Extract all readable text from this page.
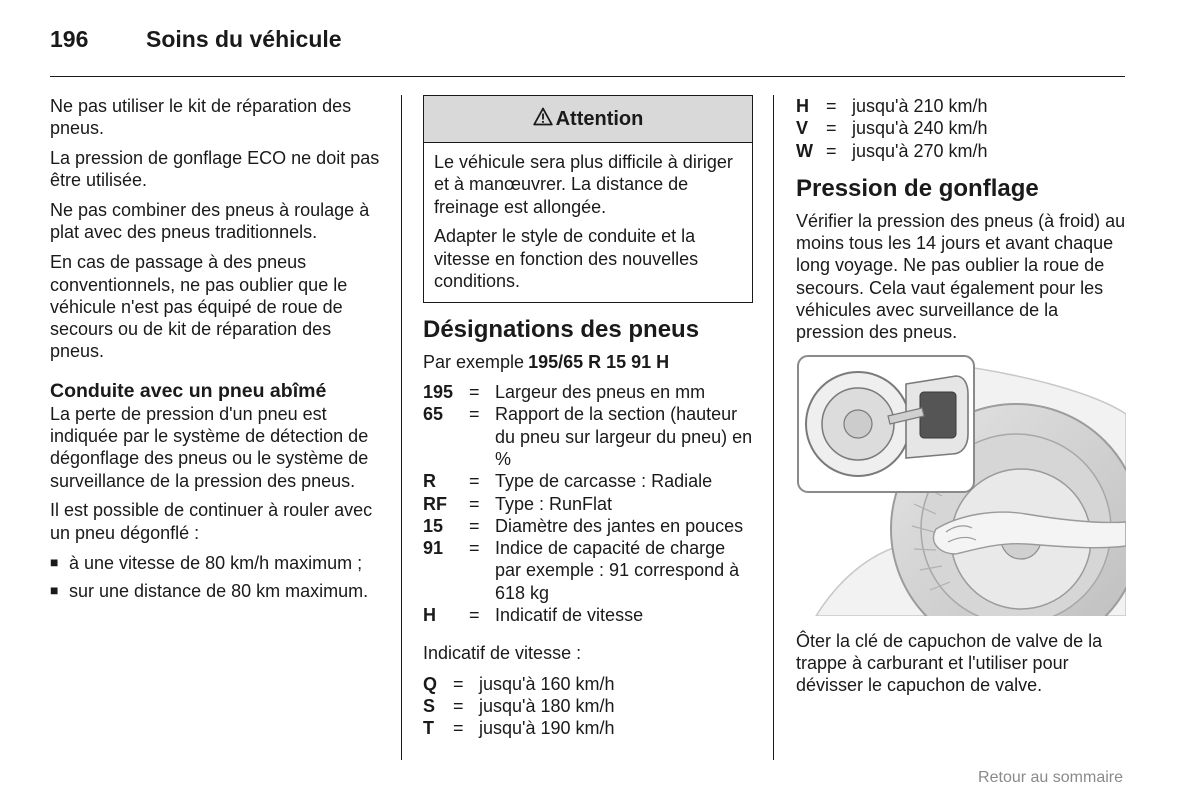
196	Soins du véhicule

Ne pas utiliser le kit de réparation des pneus.

La pression de gonflage ECO ne doit pas être utilisée.

Ne pas combiner des pneus à roulage à plat avec des pneus traditionnels.

En cas de passage à des pneus conventionnels, ne pas oublier que le véhicule n'est pas équipé de roue de secours ou de kit de réparation des pneus.

Conduite avec un pneu abîmé

La perte de pression d'un pneu est indiquée par le système de détection de dégonflage des pneus ou le système de surveillance de la pression des pneus.

Il est possible de continuer à rouler avec un pneu dégonflé :

■ à une vitesse de 80 km/h maximum ;
■ sur une distance de 80 km maximum.
Attention

Le véhicule sera plus difficile à diriger et à manœuvrer. La distance de freinage est allongée.

Adapter le style de conduite et la vitesse en fonction des nouvelles conditions.

Désignations des pneus
Par exemple 195/65 R 15 91 H
195 = Largeur des pneus en mm
65	= Rapport de la section (hauteur du pneu sur largeur du pneu) en %
R	= Type de carcasse : Radiale
RF	= Type : RunFlat
15	= Diamètre des jantes en pouces
91	= Indice de capacité de charge par exemple : 91 correspond à 618 kg
H	= Indicatif de vitesse

Indicatif de vitesse :

Q = jusqu'à 160 km/h
S = jusqu'à 180 km/h
T	= jusqu'à 190 km/h
H = jusqu'à 210 km/h
V = jusqu'à 240 km/h
W = jusqu'à 270 km/h
Pression de gonflage

Vérifier la pression des pneus (à froid) au moins tous les 14 jours et avant chaque long voyage. Ne pas oublier la roue de secours. Cela vaut également pour les véhicules avec surveillance de la pression des pneus.

Ôter la clé de capuchon de valve de la trappe à carburant et l'utiliser pour dévisser le capuchon de valve.

Retour au sommaire
